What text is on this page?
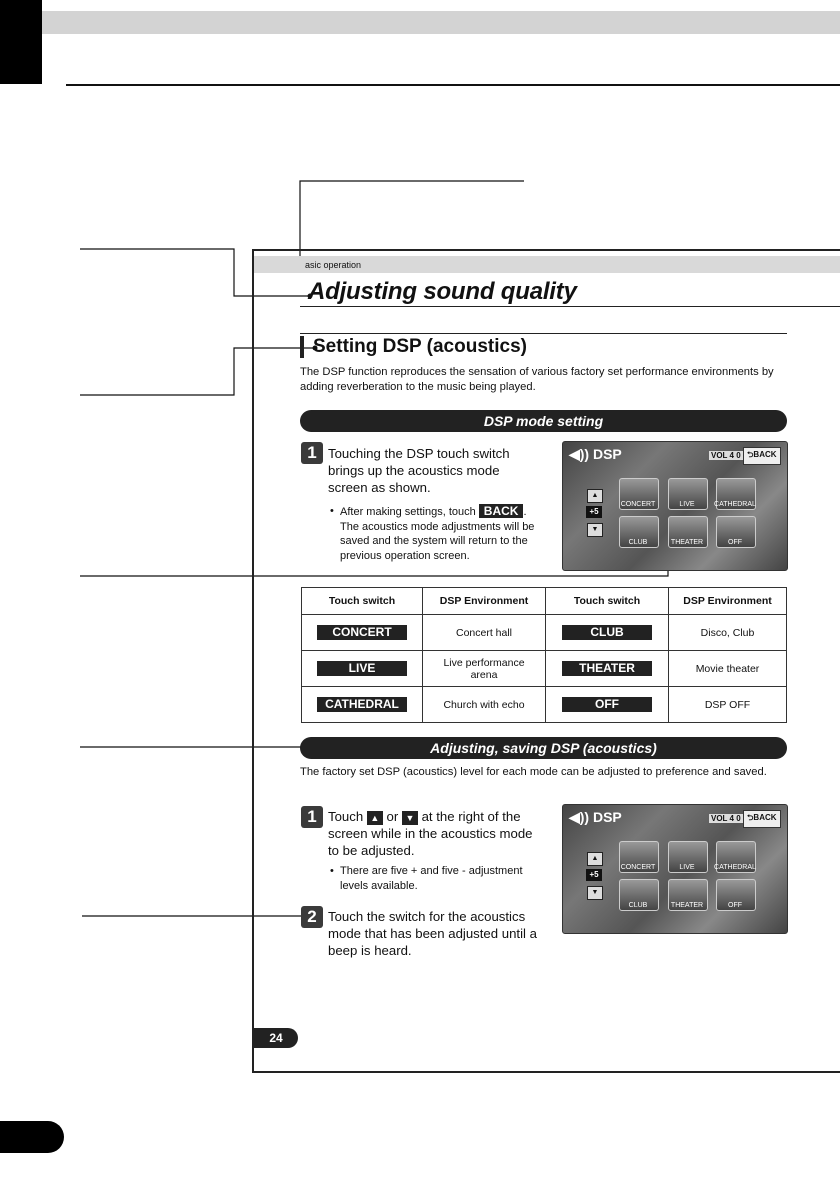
asic operation
Adjusting sound quality
Setting DSP (acoustics)
The DSP function reproduces the sensation of various factory set performance environments by adding reverberation to the music being played.
DSP mode setting
1 Touching the DSP touch switch brings up the acoustics mode screen as shown.
• After making settings, touch BACK . The acoustics mode adjustments will be saved and the system will return to the previous operation screen.
◀)) DSP	VOL 4 0 ⮌BACK
▲
+5
▼
CONCERT	LIVE	CATHEDRAL
CLUB	THEATER	OFF
Touch switch	DSP Environment	Touch switch	DSP Environment
CONCERT	Concert hall	CLUB	Disco, Club
LIVE	Live performance arena	THEATER	Movie theater
CATHEDRAL	Church with echo	OFF	DSP OFF
Adjusting, saving DSP (acoustics)
The factory set DSP (acoustics) level for each mode can be adjusted to preference and saved.
1 Touch ▲ or ▼ at the right of the screen while in the acoustics mode to be adjusted.
• There are five + and five - adjustment levels available.
2 Touch the switch for the acoustics mode that has been adjusted until a beep is heard.
◀)) DSP	VOL 4 0 ⮌BACK
▲
+5
▼
CONCERT	LIVE	CATHEDRAL
CLUB	THEATER	OFF
24
